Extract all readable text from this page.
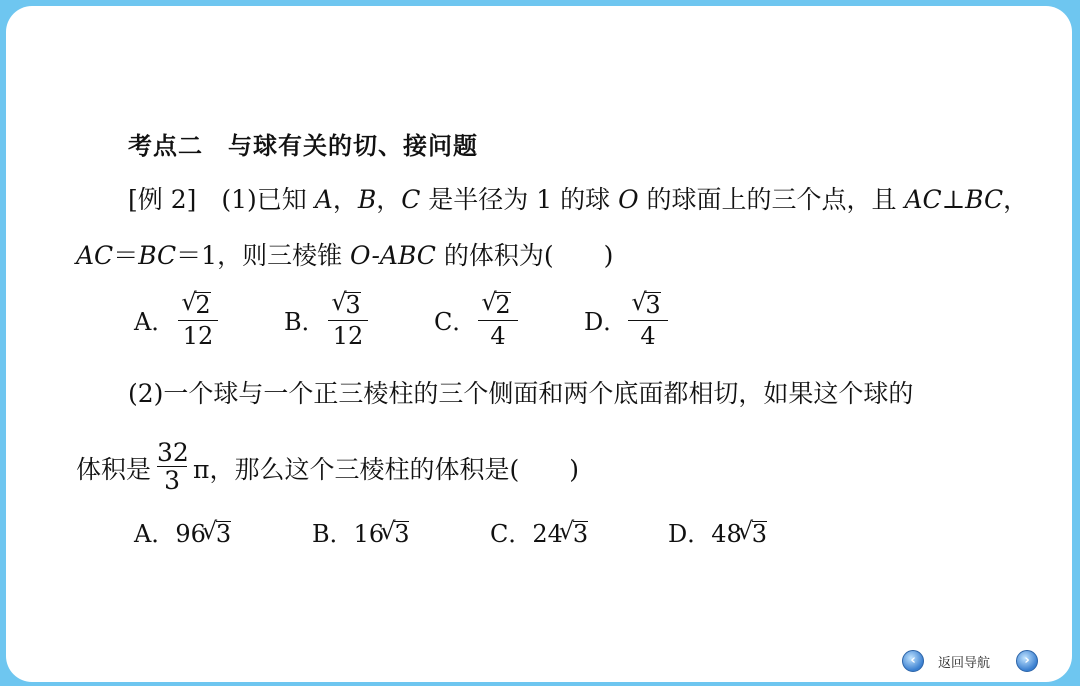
考点二　与球有关的切、接问题
[例 2]　(1)已知 A，B，C 是半径为 1 的球 O 的球面上的三个点，且 AC⊥BC，
AC＝BC＝1，则三棱锥 O-ABC 的体积为(　　)
A． √ $\frac{2}{12}$	B． √ $\frac{3}{12}$	C． √ $\frac{2}{4}$	D． √ $\frac{3}{4}$
(2)一个球与一个正三棱柱的三个侧面和两个底面都相切，如果这个球的
体积是 $\frac{32}{3}$ π，那么这个三棱柱的体积是(　　)
A．96 √ 3	B．16 √ 3	C．24 √ 3	D．48 √ 3
‹	返回导航	›
